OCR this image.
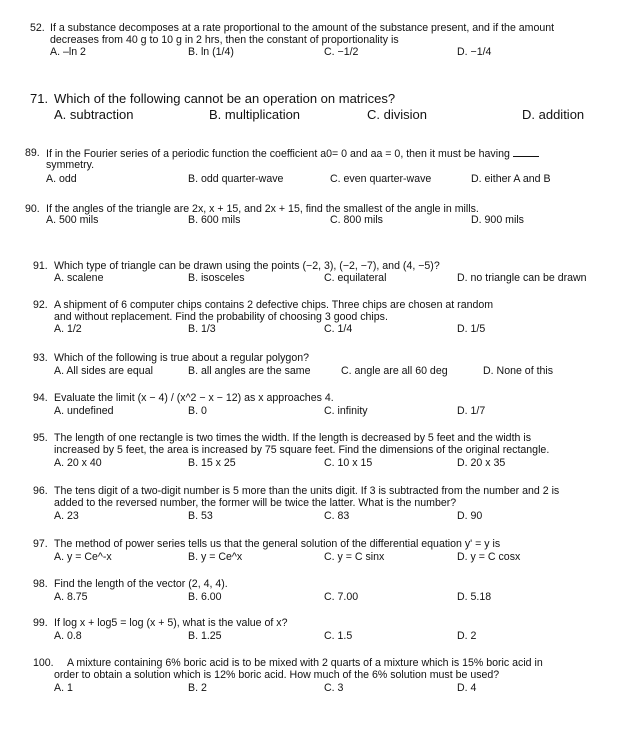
52. If a substance decomposes at a rate proportional to the amount of the substance present, and if the amount
decreases from 40 g to 10 g in 2 hrs, then the constant of proportionality is
A. –ln 2	B. ln (1/4)	C. −1/2	D. −1/4
71. Which of the following cannot be an operation on matrices?
A. subtraction	B. multiplication	C. division	D. addition
89. If in the Fourier series of a periodic function the coefficient a0= 0 and aa = 0, then it must be having
symmetry.
A. odd	B. odd quarter-wave	C. even quarter-wave	D. either A and B
90. If the angles of the triangle are 2x, x + 15, and 2x + 15, find the smallest of the angle in mills.
A. 500 mils	B. 600 mils	C. 800 mils	D. 900 mils
91. Which type of triangle can be drawn using the points (−2, 3), (−2, −7), and (4, −5)?
A. scalene	B. isosceles	C. equilateral	D. no triangle can be drawn
92. A shipment of 6 computer chips contains 2 defective chips. Three chips are chosen at random
and without replacement. Find the probability of choosing 3 good chips.
A. 1/2	B. 1/3	C. 1/4	D. 1/5
93. Which of the following is true about a regular polygon?
A. All sides are equal	B. all angles are the same	C. angle are all 60 deg	D. None of this
94. Evaluate the limit (x − 4) / (x^2 − x − 12) as x approaches 4.
A. undefined	B. 0	C. infinity	D. 1/7
95. The length of one rectangle is two times the width. If the length is decreased by 5 feet and the width is
increased by 5 feet, the area is increased by 75 square feet. Find the dimensions of the original rectangle.
A. 20 x 40	B. 15 x 25	C. 10 x 15	D. 20 x 35
96. The tens digit of a two-digit number is 5 more than the units digit. If 3 is subtracted from the number and 2 is
added to the reversed number, the former will be twice the latter. What is the number?
A. 23	B. 53	C. 83	D. 90
97. The method of power series tells us that the general solution of the differential equation y' = y is
A. y = Ce^-x	B. y = Ce^x	C. y = C sinx	D. y = C cosx
98. Find the length of the vector (2, 4, 4).
A. 8.75	B. 6.00	C. 7.00	D. 5.18
99. If log x + log5 = log (x + 5), what is the value of x?
A. 0.8	B. 1.25	C. 1.5	D. 2
100. A mixture containing 6% boric acid is to be mixed with 2 quarts of a mixture which is 15% boric acid in
order to obtain a solution which is 12% boric acid. How much of the 6% solution must be used?
A. 1	B. 2	C. 3	D. 4
